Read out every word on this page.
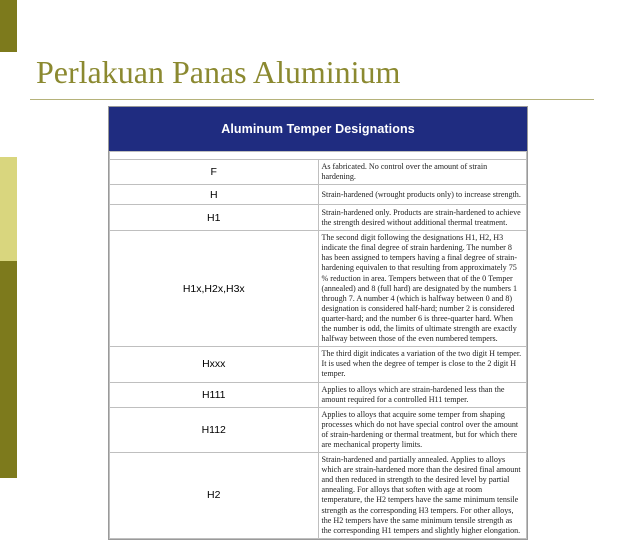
Perlakuan Panas Aluminium
Aluminum Temper Designations

F	As fabricated. No control over the amount of strain hardening.
H	Strain-hardened (wrought products only) to increase strength.
H1	Strain-hardened only. Products are strain-hardened to achieve the strength desired without additional thermal treatment.
H1x,H2x,H3x	The second digit following the designations H1, H2, H3 indicate the final degree of strain hardening. The number 8 has been assigned to tempers having a final degree of strain-hardening equivalen to that resulting from approximately 75 % reduction in area. Tempers between that of the 0 Temper (annealed) and 8 (full hard) are designated by the numbers 1 through 7. A number 4 (which is halfway between 0 and 8) designation is considered half-hard; number 2 is considered quarter-hard; and the number 6 is three-quarter hard. When the number is odd, the limits of ultimate strength are exactly halfway between those of the even numbered tempers.
Hxxx	The third digit indicates a variation of the two digit H temper. It is used when the degree of temper is close to the 2 digit H temper.
H111	Applies to alloys which are strain-hardened less than the amount required for a controlled H11 temper.
H112	Applies to alloys that acquire some temper from shaping processes which do not have special control over the amount of strain-hardening or thermal treatment, but for which there are mechanical property limits.
H2	Strain-hardened and partially annealed. Applies to alloys which are strain-hardened more than the desired final amount and then reduced in strength to the desired level by partial annealing. For alloys that soften with age at room temperature, the H2 tempers have the same minimum tensile strength as the corresponding H3 tempers. For other alloys, the H2 tempers have the same minimum tensile strength as the corresponding H1 tempers and slightly higher elongation.
